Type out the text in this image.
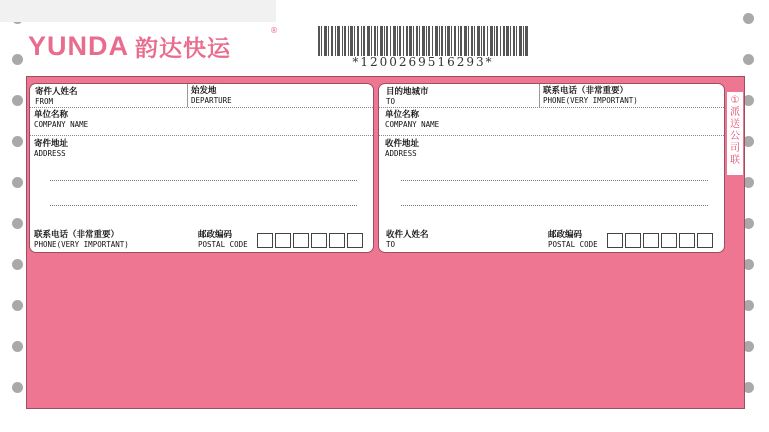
YUNDA 韵达快运
®
*1200269516293*
寄件人姓名
FROM
始发地
DEPARTURE
单位名称
COMPANY NAME
寄件地址
ADDRESS
联系电话（非常重要）
PHONE(VERY IMPORTANT)
邮政编码
POSTAL CODE
目的地城市
TO
联系电话（非常重要）
PHONE(VERY IMPORTANT)
单位名称
COMPANY NAME
收件地址
ADDRESS
收件人姓名
TO
邮政编码
POSTAL CODE
①派送公司联
